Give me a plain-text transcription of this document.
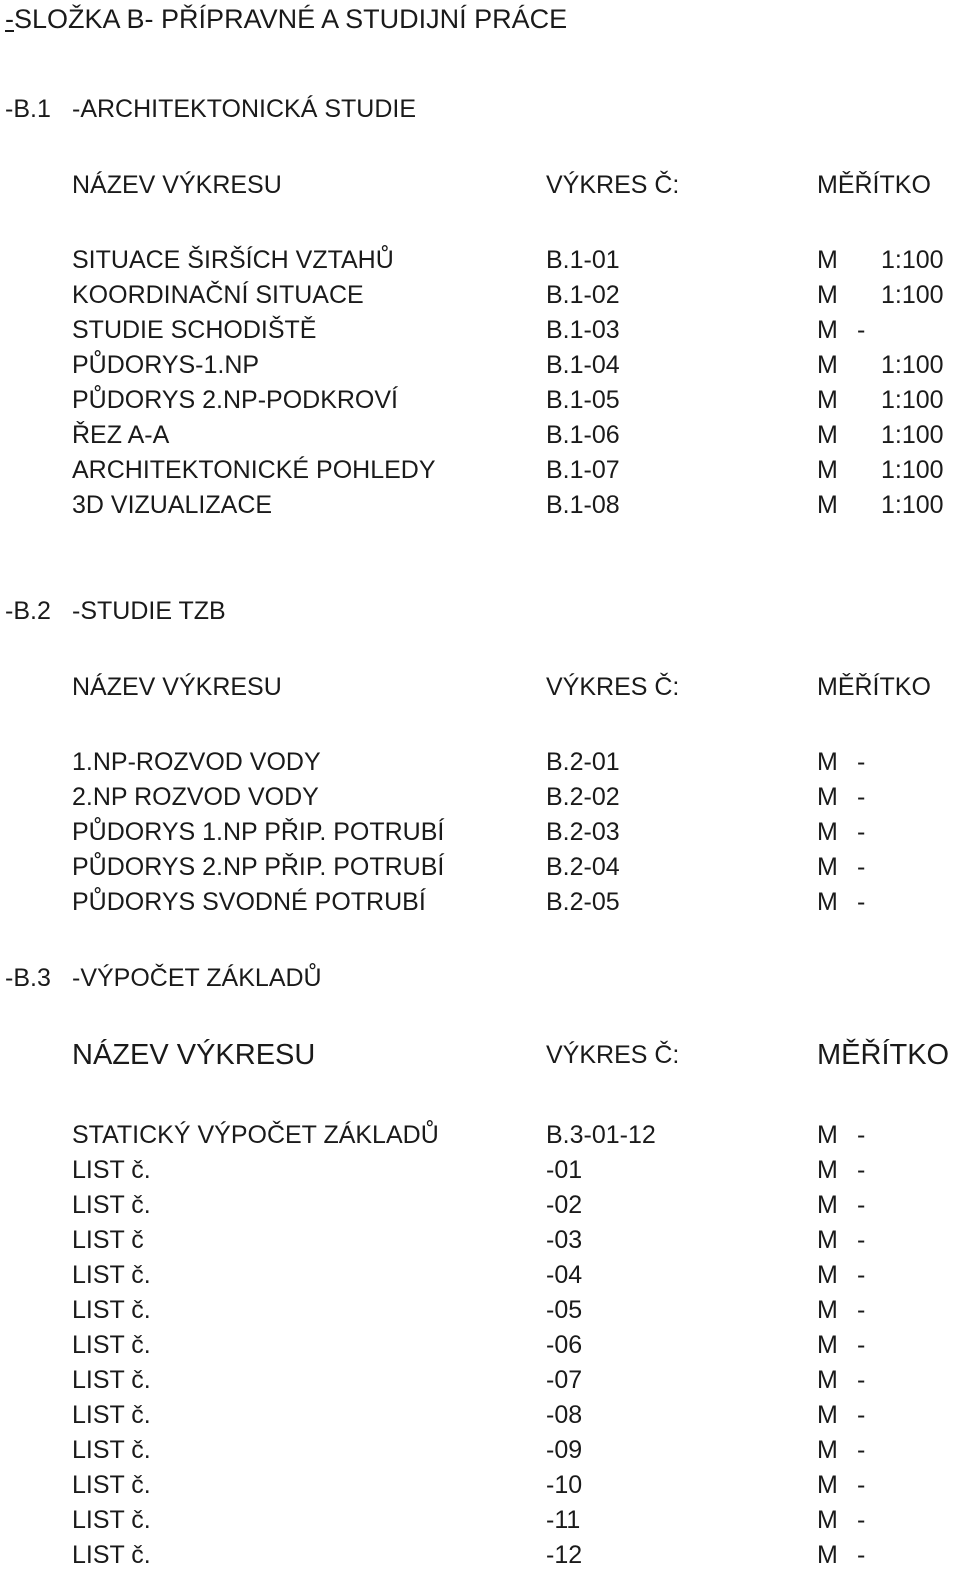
-SLOŽKA B- PŘÍPRAVNÉ A STUDIJNÍ PRÁCE
-B.1 -ARCHITEKTONICKÁ STUDIE
NÁZEV VÝKRESU	VÝKRES Č:	MĚŘÍTKO
SITUACE ŠIRŠÍCH VZTAHŮ	B.1-01	M 1:100
KOORDINAČNÍ SITUACE	B.1-02	M 1:100
STUDIE SCHODIŠTĚ	B.1-03	M -
PŮDORYS-1.NP	B.1-04	M 1:100
PŮDORYS 2.NP-PODKROVÍ	B.1-05	M 1:100
ŘEZ A-A	B.1-06	M 1:100
ARCHITEKTONICKÉ POHLEDY	B.1-07	M 1:100
3D VIZUALIZACE	B.1-08	M 1:100
-B.2 -STUDIE TZB
NÁZEV VÝKRESU	VÝKRES Č:	MĚŘÍTKO
1.NP-ROZVOD VODY	B.2-01	M -
2.NP ROZVOD VODY	B.2-02	M -
PŮDORYS 1.NP PŘIP. POTRUBÍ	B.2-03	M -
PŮDORYS 2.NP PŘIP. POTRUBÍ	B.2-04	M -
PŮDORYS SVODNÉ POTRUBÍ	B.2-05	M -
-B.3 -VÝPOČET ZÁKLADŮ
NÁZEV VÝKRESU	VÝKRES Č:	MĚŘÍTKO
STATICKÝ VÝPOČET ZÁKLADŮ	B.3-01-12	M -
LIST č.	-01	M -
LIST č.	-02	M -
LIST č	-03	M -
LIST č.	-04	M -
LIST č.	-05	M -
LIST č.	-06	M -
LIST č.	-07	M -
LIST č.	-08	M -
LIST č.	-09	M -
LIST č.	-10	M -
LIST č.	-11	M -
LIST č.	-12	M -
